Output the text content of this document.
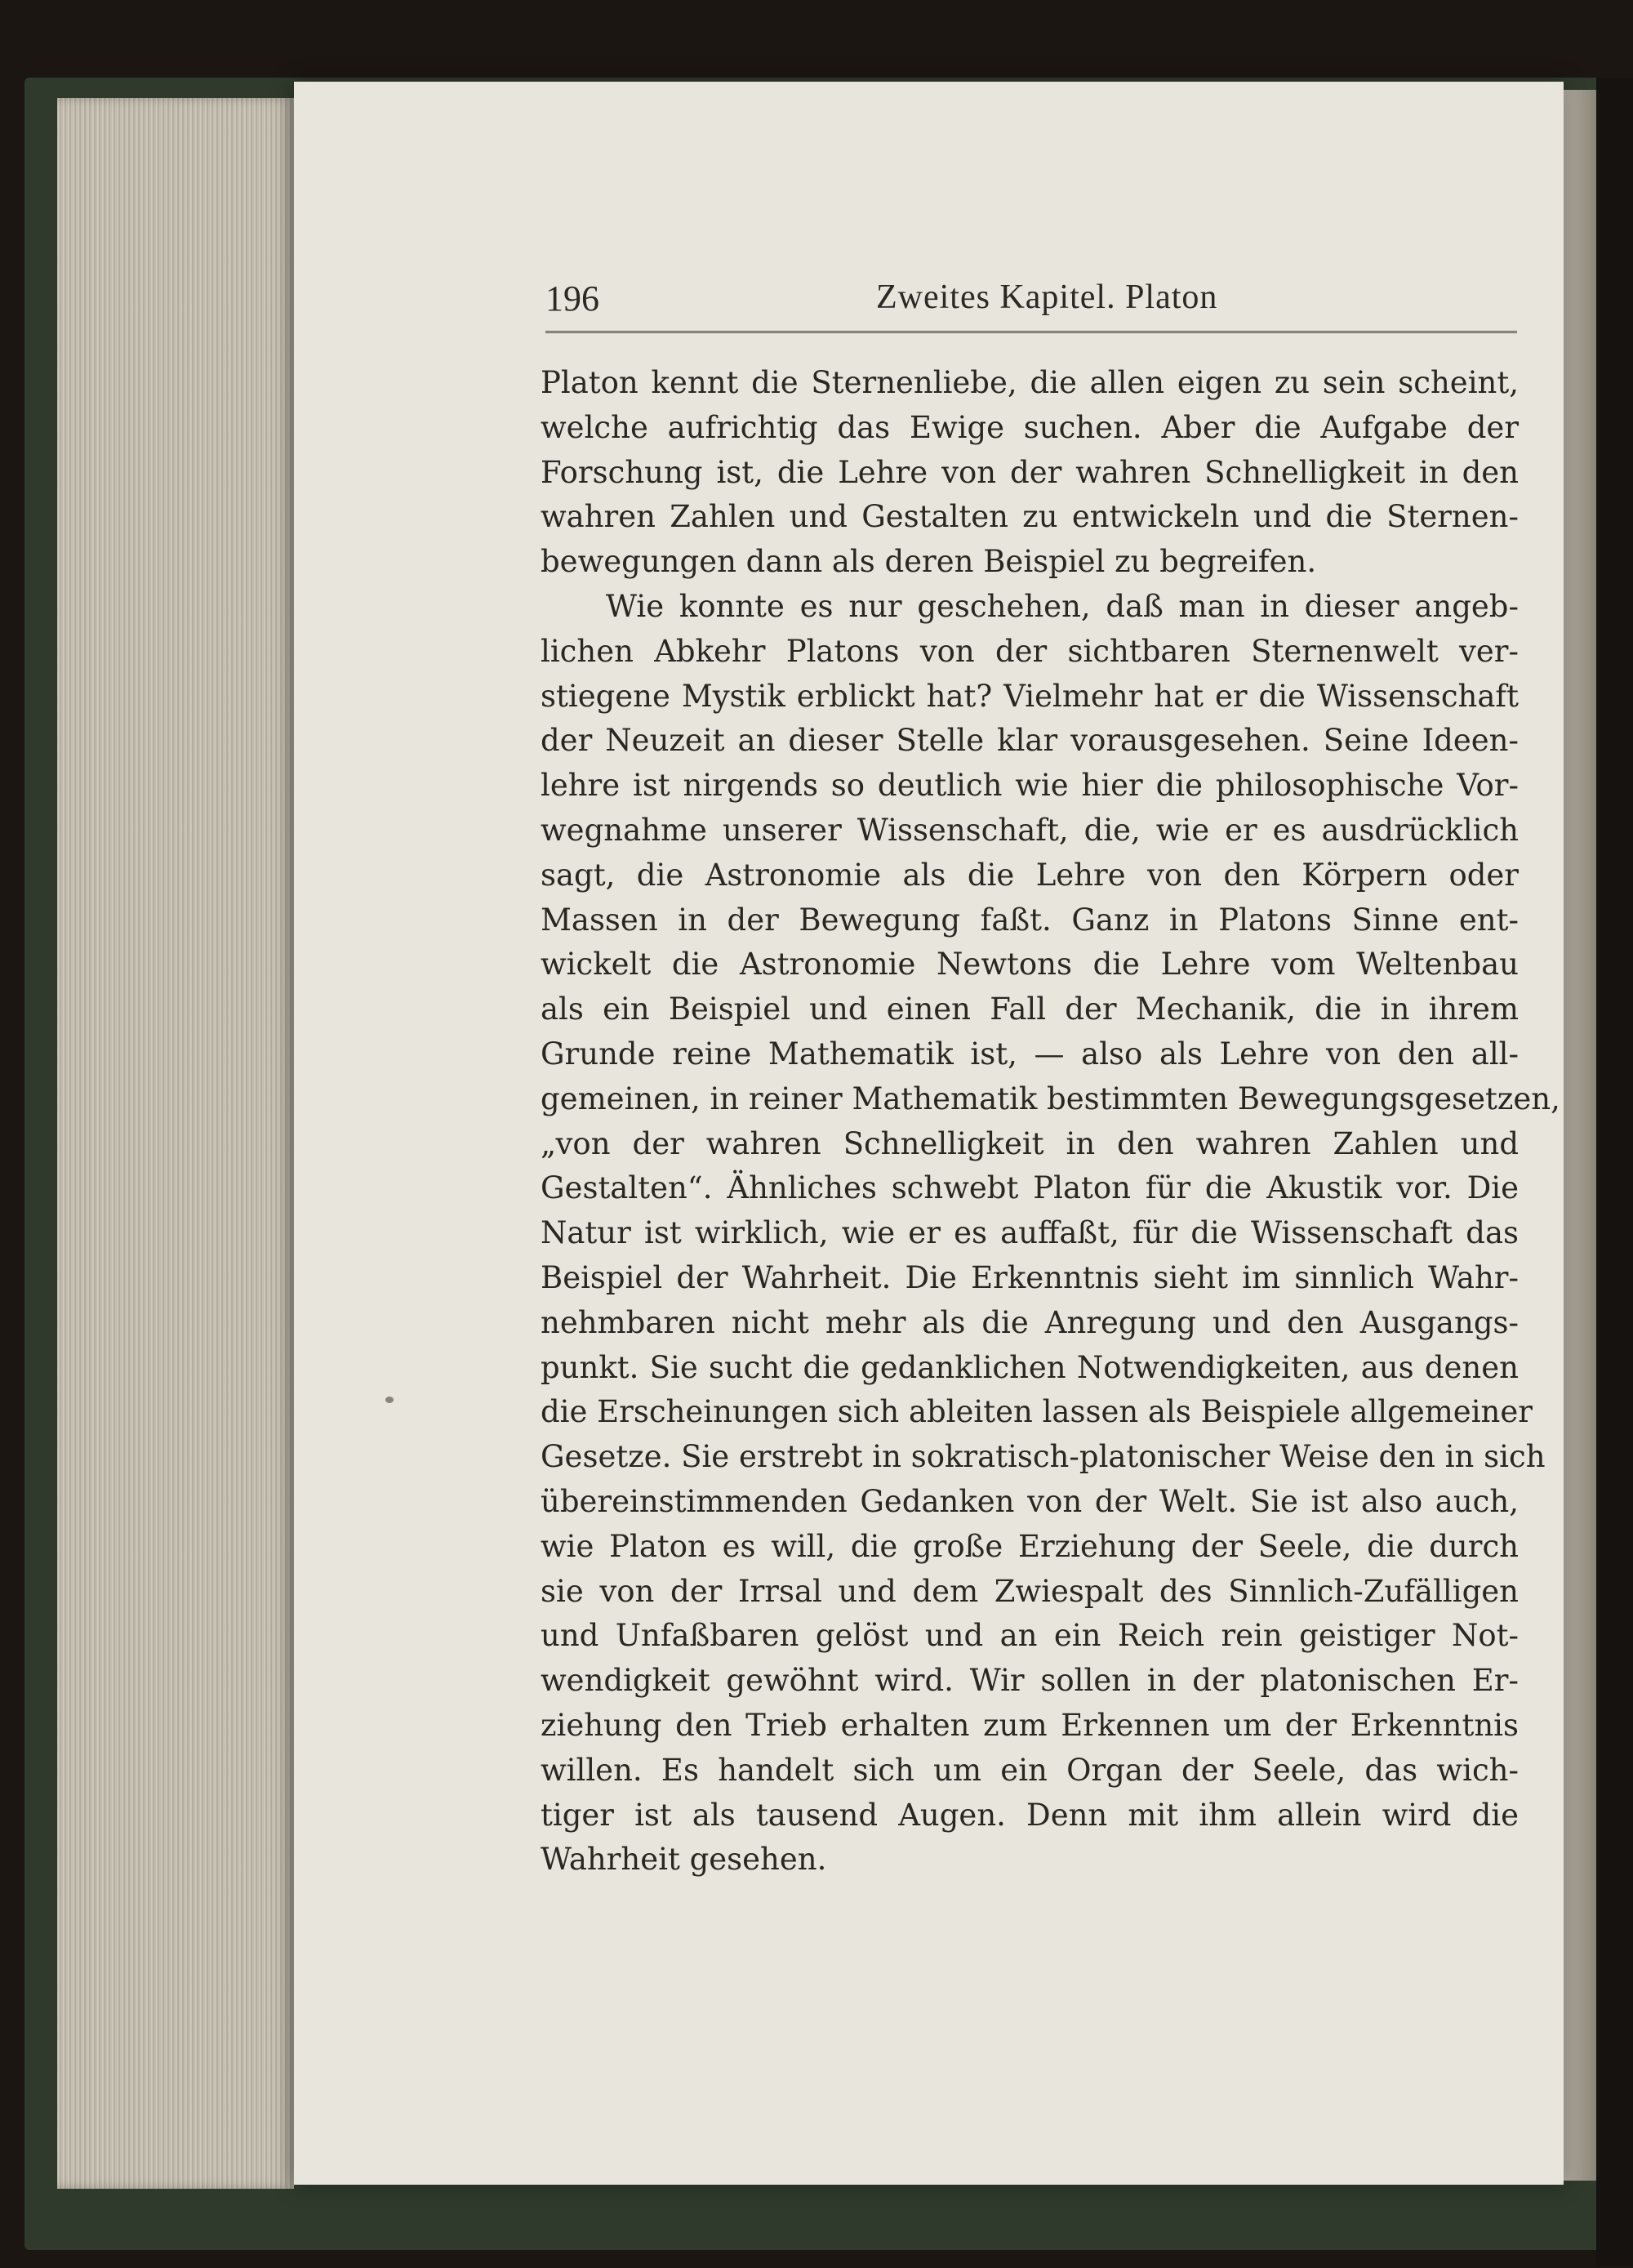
196	Zweites Kapitel. Platon
Platon kennt die Sternenliebe, die allen eigen zu sein scheint,
welche aufrichtig das Ewige suchen. Aber die Aufgabe der
Forschung ist, die Lehre von der wahren Schnelligkeit in den
wahren Zahlen und Gestalten zu entwickeln und die Sternen-
bewegungen dann als deren Beispiel zu begreifen.
Wie konnte es nur geschehen, daß man in dieser angeb-
lichen Abkehr Platons von der sichtbaren Sternenwelt ver-
stiegene Mystik erblickt hat? Vielmehr hat er die Wissenschaft
der Neuzeit an dieser Stelle klar vorausgesehen. Seine Ideen-
lehre ist nirgends so deutlich wie hier die philosophische Vor-
wegnahme unserer Wissenschaft, die, wie er es ausdrücklich
sagt, die Astronomie als die Lehre von den Körpern oder
Massen in der Bewegung faßt. Ganz in Platons Sinne ent-
wickelt die Astronomie Newtons die Lehre vom Weltenbau
als ein Beispiel und einen Fall der Mechanik, die in ihrem
Grunde reine Mathematik ist, — also als Lehre von den all-
gemeinen, in reiner Mathematik bestimmten Bewegungsgesetzen,
„von der wahren Schnelligkeit in den wahren Zahlen und
Gestalten“. Ähnliches schwebt Platon für die Akustik vor. Die
Natur ist wirklich, wie er es auffaßt, für die Wissenschaft das
Beispiel der Wahrheit. Die Erkenntnis sieht im sinnlich Wahr-
nehmbaren nicht mehr als die Anregung und den Ausgangs-
punkt. Sie sucht die gedanklichen Notwendigkeiten, aus denen
die Erscheinungen sich ableiten lassen als Beispiele allgemeiner
Gesetze. Sie erstrebt in sokratisch-platonischer Weise den in sich
übereinstimmenden Gedanken von der Welt. Sie ist also auch,
wie Platon es will, die große Erziehung der Seele, die durch
sie von der Irrsal und dem Zwiespalt des Sinnlich-Zufälligen
und Unfaßbaren gelöst und an ein Reich rein geistiger Not-
wendigkeit gewöhnt wird. Wir sollen in der platonischen Er-
ziehung den Trieb erhalten zum Erkennen um der Erkenntnis
willen. Es handelt sich um ein Organ der Seele, das wich-
tiger ist als tausend Augen. Denn mit ihm allein wird die
Wahrheit gesehen.
